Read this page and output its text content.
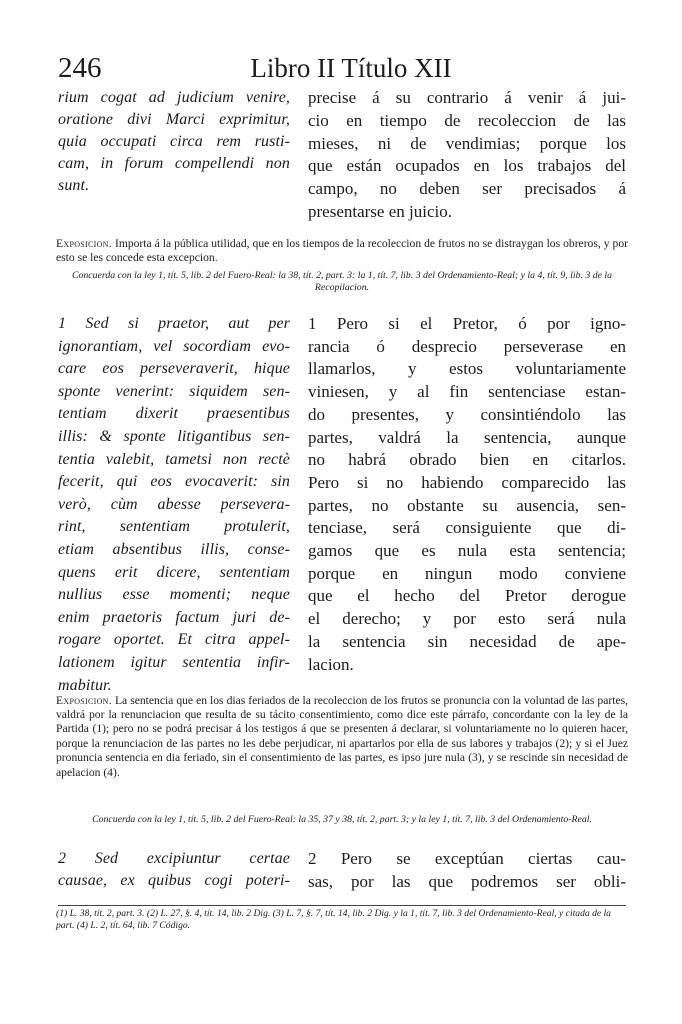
246	Libro II Título XII
rium cogat ad judicium venire,
oratione divi Marci exprimitur,
quia occupati circa rem rusti-
cam, in forum compellendi non
sunt.
precise á su contrario á venir á jui-
cio en tiempo de recoleccion de las
mieses, ni de vendimias; porque los
que están ocupados en los trabajos del
campo, no deben ser precisados á
presentarse en juicio.

Exposicion. Importa á la pública utilidad, que en los tiempos de la recoleccion de frutos no se distraygan los obreros, y por esto se les concede esta excepcion.

Concuerda con la ley 1, tít. 5, lib. 2 del Fuero-Real: la 38, tít. 2, part. 3: la 1, tít. 7, lib. 3 del Ordenamiento-Real; y la 4, tít. 9, lib. 3 de la Recopilacion.

1 Sed si praetor, aut per
ignorantiam, vel socordiam evo-
care eos perseveraverit, hique
sponte venerint: siquidem sen-
tentiam dixerit praesentibus
illis: & sponte litigantibus sen-
tentia valebit, tametsi non rectè
fecerit, qui eos evocaverit: sin
verò, cùm abesse persevera-
rint, sententiam protulerit,
etiam absentibus illis, conse-
quens erit dicere, sententiam
nullius esse momenti; neque
enim praetoris factum juri de-
rogare oportet. Et citra appel-
lationem igitur sententia infir-
mabitur.
1 Pero si el Pretor, ó por igno-
rancia ó desprecio perseverase en
llamarlos, y estos voluntariamente
viniesen, y al fin sentenciase estan-
do presentes, y consintiéndolo las
partes, valdrá la sentencia, aunque
no habrá obrado bien en citarlos.
Pero si no habiendo comparecido las
partes, no obstante su ausencia, sen-
tenciase, será consiguiente que di-
gamos que es nula esta sentencia;
porque en ningun modo conviene
que el hecho del Pretor derogue
el derecho; y por esto será nula
la sentencia sin necesidad de ape-
lacion.

Exposicion. La sentencia que en los dias feriados de la recoleccion de los frutos se pronuncia con la voluntad de las partes, valdrá por la renunciacion que resulta de su tácito consentimiento, como dice este párrafo, concordante con la ley de la Partida (1); pero no se podrá precisar á los testigos á que se presenten á declarar, si voluntariamente no lo quieren hacer, porque la renunciacion de las partes no les debe perjudicar, ni apartarlos por ella de sus labores y trabajos (2); y si el Juez pronuncia sentencia en dia feriado, sin el consentimiento de las partes, es ipso jure nula (3), y se rescinde sin necesidad de apelacion (4).

Concuerda con la ley 1, tít. 5, lib. 2 del Fuero-Real: la 35, 37 y 38, tít. 2, part. 3; y la ley 1, tít. 7, lib. 3 del Ordenamiento-Real.

2 Sed excipiuntur certae
causae, ex quibus cogi poteri-
2 Pero se exceptúan ciertas cau-
sas, por las que podremos ser obli-

(1) L. 38, tít. 2, part. 3. (2) L. 27, §. 4, tít. 14, lib. 2 Dig. (3) L. 7, §. 7, tít. 14, lib. 2 Dig. y la 1, tít. 7, lib. 3 del Ordenamiento-Real, y citada de la part. (4) L. 2, tít. 64, lib. 7 Código.
